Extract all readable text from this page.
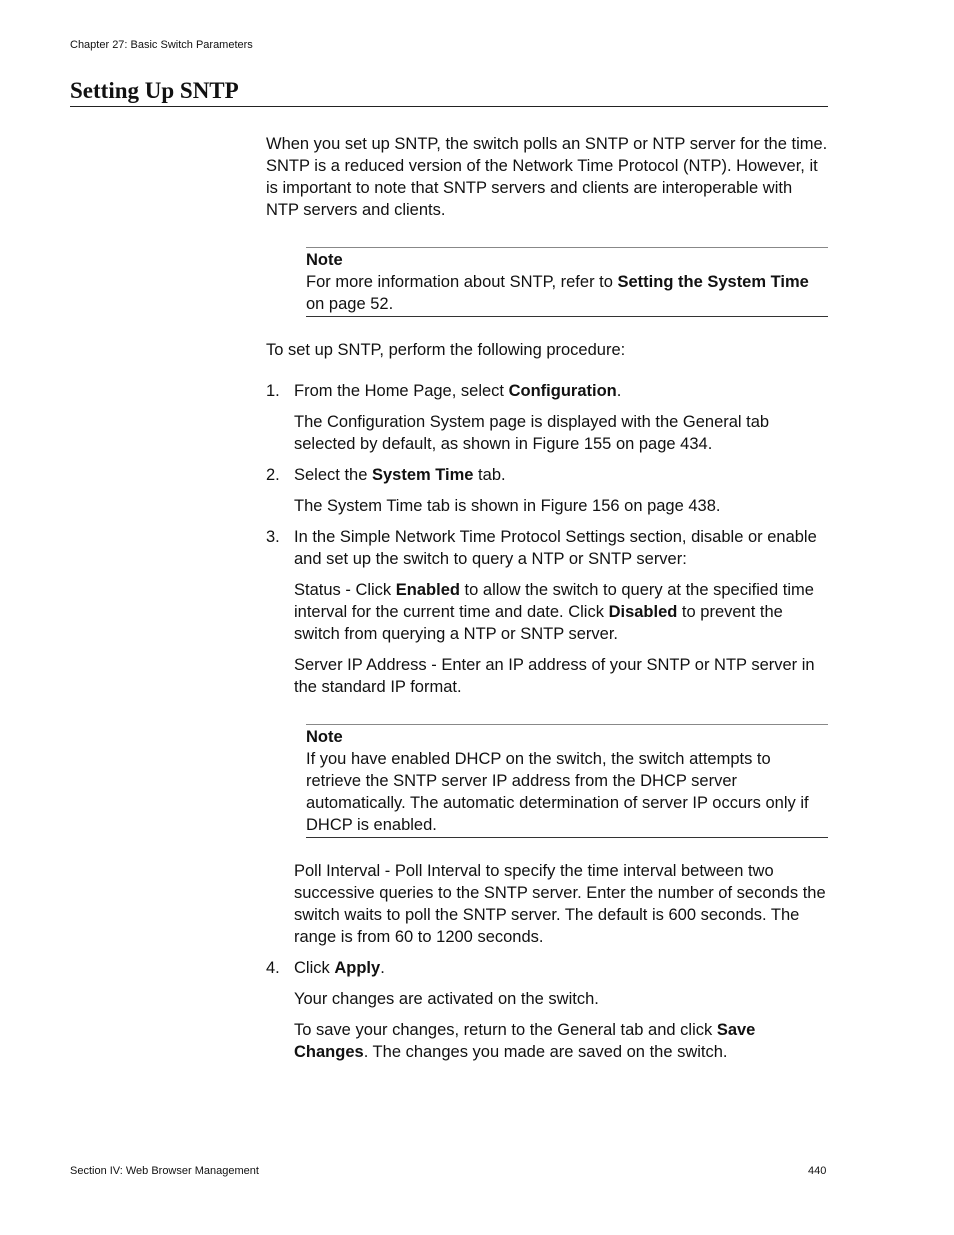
Chapter 27: Basic Switch Parameters
Setting Up SNTP

When you set up SNTP, the switch polls an SNTP or NTP server for the time. SNTP is a reduced version of the Network Time Protocol (NTP). However, it is important to note that SNTP servers and clients are interoperable with NTP servers and clients.

Note
For more information about SNTP, refer to Setting the System Time on page 52.

To set up SNTP, perform the following procedure:

1. From the Home Page, select Configuration.

The Configuration System page is displayed with the General tab selected by default, as shown in Figure 155 on page 434.

2. Select the System Time tab.

The System Time tab is shown in Figure 156 on page 438.

3. In the Simple Network Time Protocol Settings section, disable or enable and set up the switch to query a NTP or SNTP server:

Status - Click Enabled to allow the switch to query at the specified time interval for the current time and date. Click Disabled to prevent the switch from querying a NTP or SNTP server.

Server IP Address - Enter an IP address of your SNTP or NTP server in the standard IP format.

Note
If you have enabled DHCP on the switch, the switch attempts to retrieve the SNTP server IP address from the DHCP server automatically. The automatic determination of server IP occurs only if DHCP is enabled.

Poll Interval - Poll Interval to specify the time interval between two successive queries to the SNTP server. Enter the number of seconds the switch waits to poll the SNTP server. The default is 600 seconds. The range is from 60 to 1200 seconds.

4. Click Apply.

Your changes are activated on the switch.

To save your changes, return to the General tab and click Save Changes. The changes you made are saved on the switch.

Section IV: Web Browser Management	440
